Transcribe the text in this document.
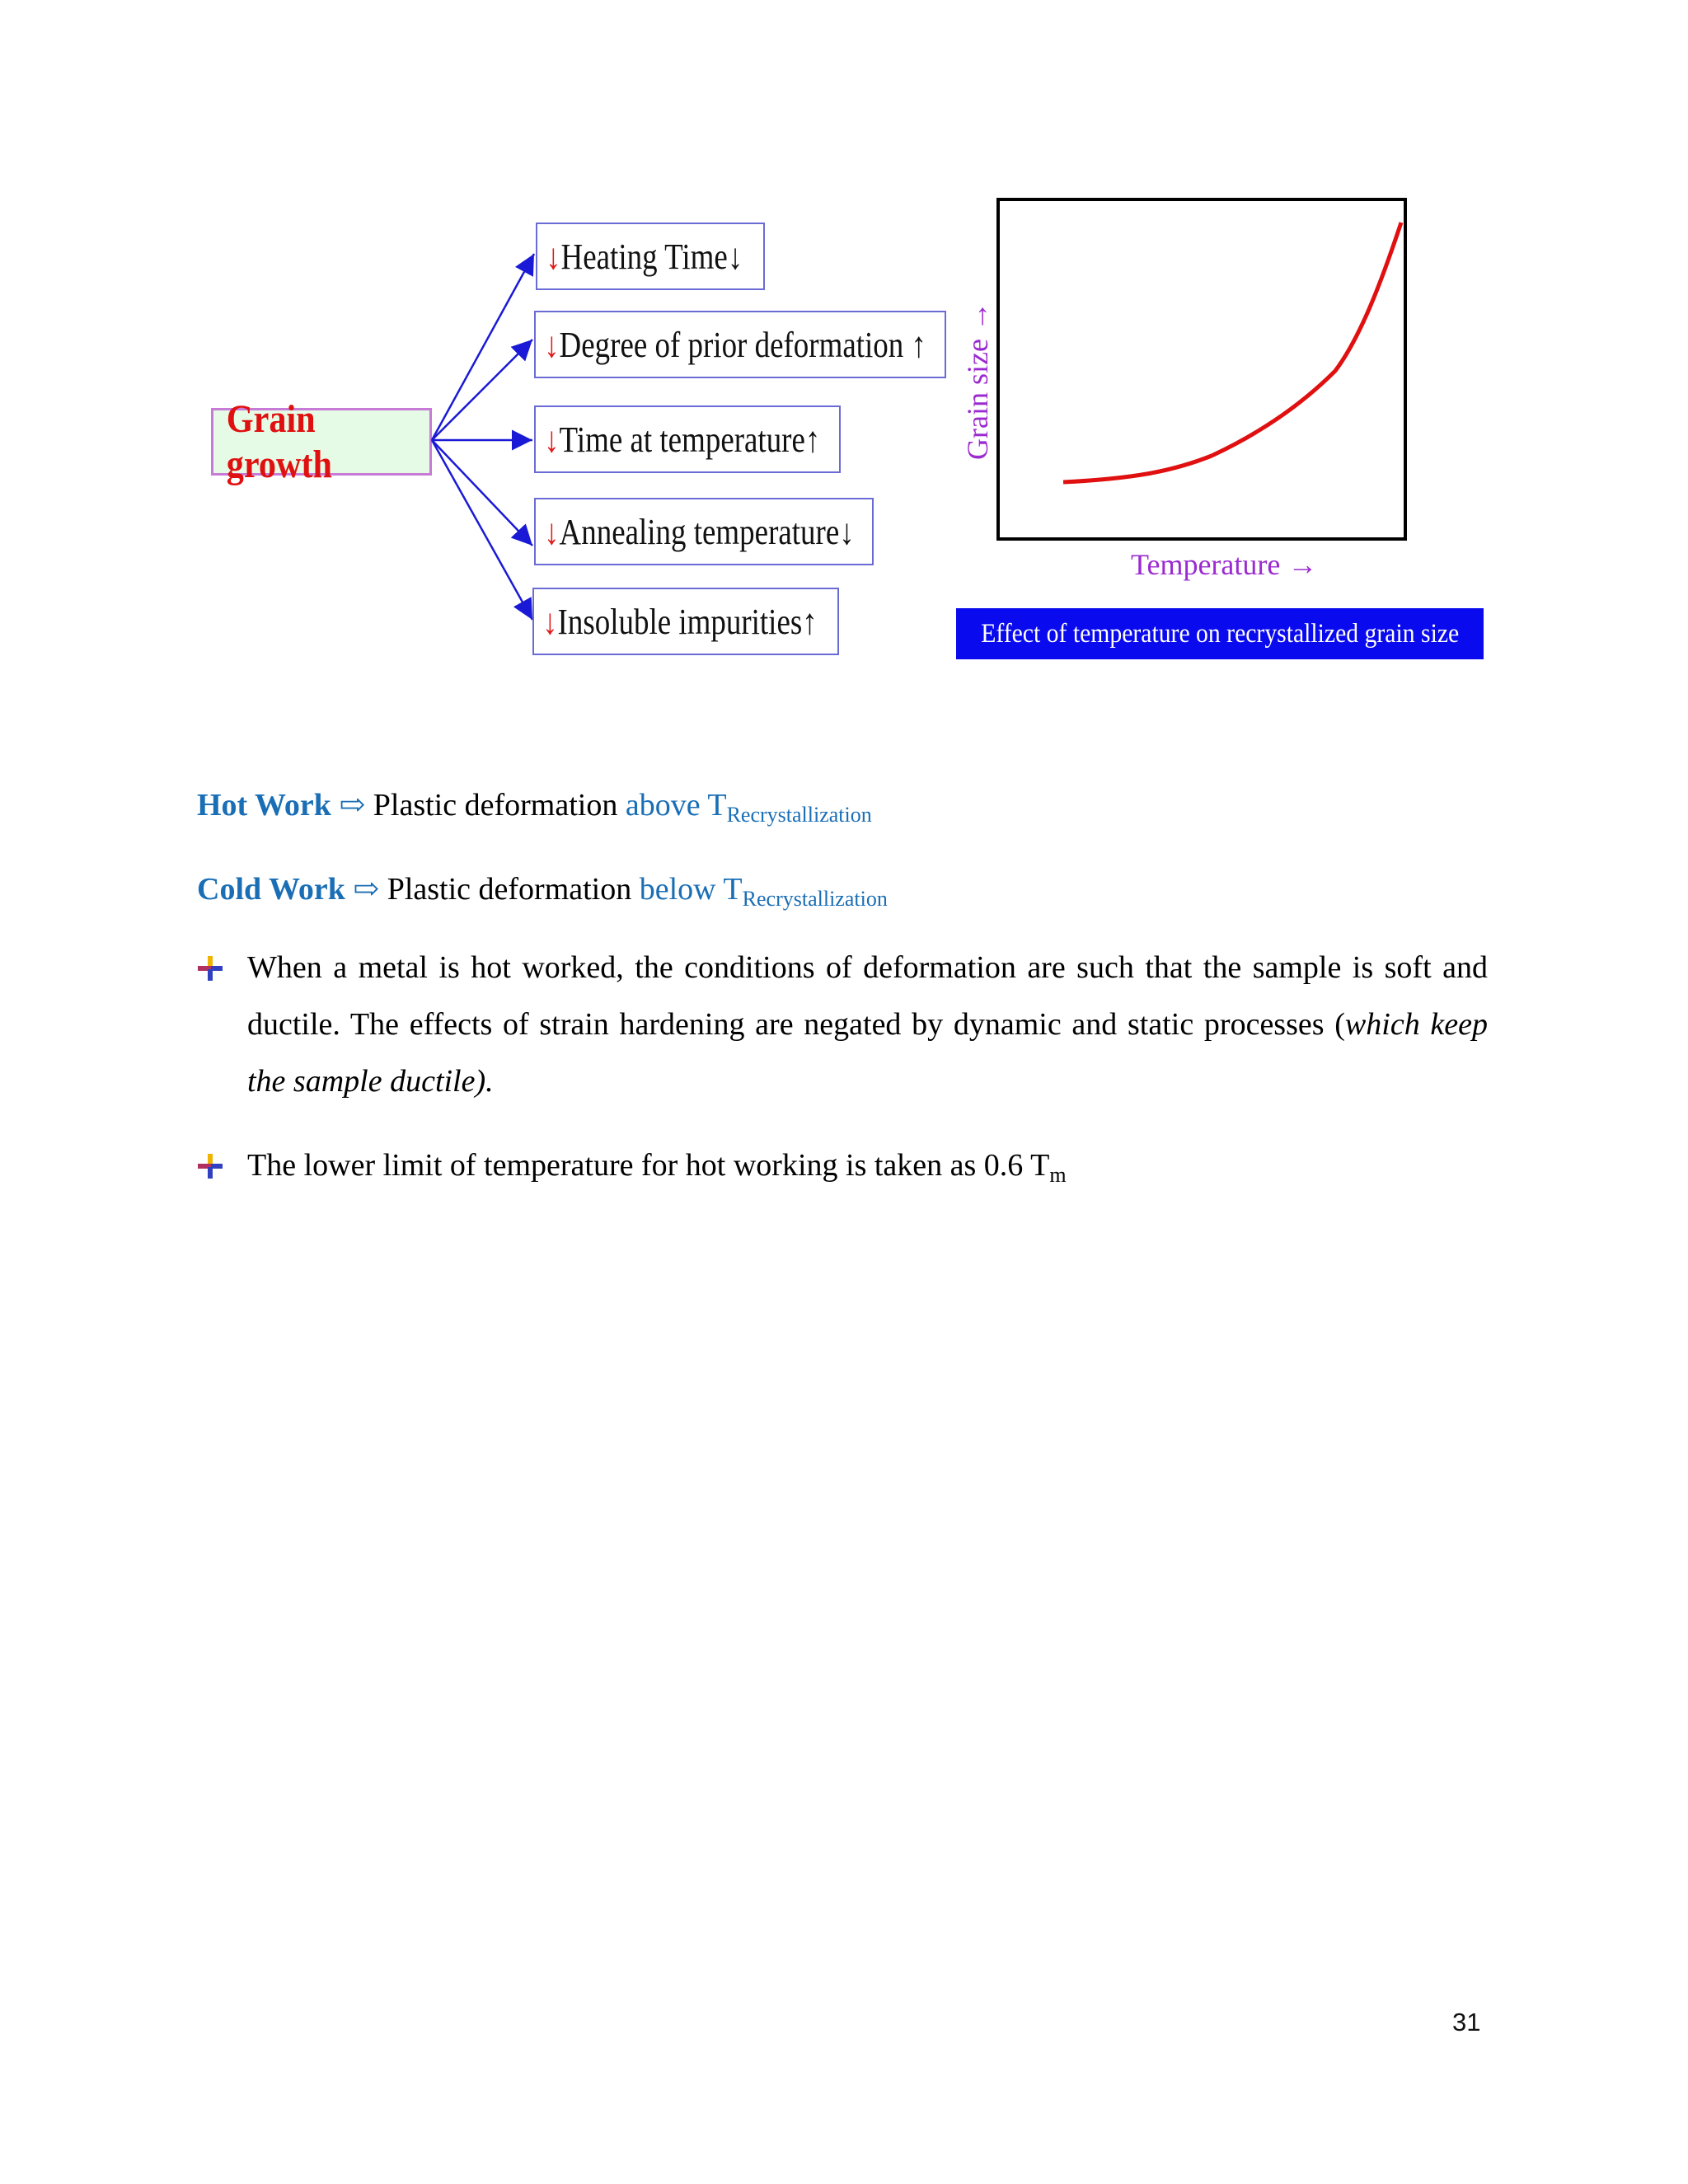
Grain growth
↓Heating Time↓
↓Degree of prior deformation ↑
↓Time at temperature↑
↓Annealing temperature↓
↓Insoluble impurities↑
Grain size →
Temperature →
Effect of temperature on recrystallized grain size
Hot Work ⇨ Plastic deformation above $T_{Recrystallization}$
Cold Work ⇨ Plastic deformation below $T_{Recrystallization}$
When a metal is hot worked, the conditions of deformation are such that the sample is soft and ductile. The effects of strain hardening are negated by dynamic and static processes (which keep the sample ductile).
The lower limit of temperature for hot working is taken as 0.6 $T_m$
31
